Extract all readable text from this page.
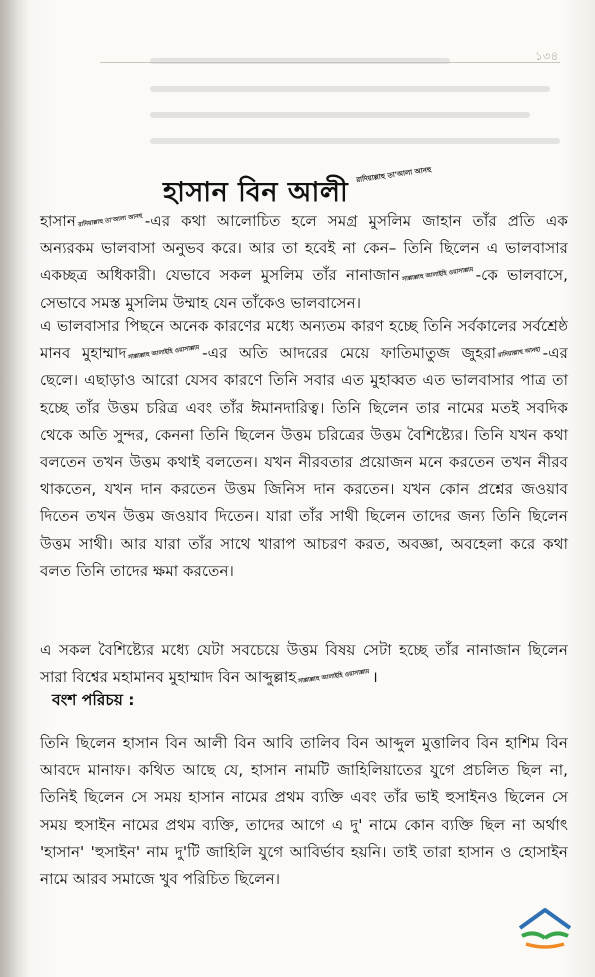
১৩৪
হাসান বিন আলী রাদিয়াল্লাহু তা'আলা আনহু

হাসান রাদিয়াল্লাহু তা'আলা আনহু -এর কথা আলোচিত হলে সমগ্র মুসলিম জাহান তাঁর প্রতি এক অন্যরকম ভালবাসা অনুভব করে। আর তা হবেই না কেন– তিনি ছিলেন এ ভালবাসার একচ্ছত্র অধিকারী। যেভাবে সকল মুসলিম তাঁর নানাজান সাল্লাল্লাহু আলাইহি ওয়াসাল্লাম -কে ভালবাসে, সেভাবে সমস্ত মুসলিম উম্মাহ যেন তাঁকেও ভালবাসেন।

এ ভালবাসার পিছনে অনেক কারণের মধ্যে অন্যতম কারণ হচ্ছে তিনি সর্বকালের সর্বশ্রেষ্ঠ মানব মুহাম্মাদ সাল্লাল্লাহু আলাইহি ওয়াসাল্লাম -এর অতি আদরের মেয়ে ফাতিমাতুজ জুহরা রাদিয়াল্লাহু আনহা -এর ছেলে। এছাড়াও আরো যেসব কারণে তিনি সবার এত মুহাব্বত এত ভালবাসার পাত্র তা হচ্ছে তাঁর উত্তম চরিত্র এবং তাঁর ঈমানদারিত্ব। তিনি ছিলেন তার নামের মতই সবদিক থেকে অতি সুন্দর, কেননা তিনি ছিলেন উত্তম চরিত্রের উত্তম বৈশিষ্ট্যের। তিনি যখন কথা বলতেন তখন উত্তম কথাই বলতেন। যখন নীরবতার প্রয়োজন মনে করতেন তখন নীরব থাকতেন, যখন দান করতেন উত্তম জিনিস দান করতেন। যখন কোন প্রশ্নের জওয়াব দিতেন তখন উত্তম জওয়াব দিতেন। যারা তাঁর সাথী ছিলেন তাদের জন্য তিনি ছিলেন উত্তম সাথী। আর যারা তাঁর সাথে খারাপ আচরণ করত, অবজ্ঞা, অবহেলা করে কথা বলত তিনি তাদের ক্ষমা করতেন।

এ সকল বৈশিষ্ট্যের মধ্যে যেটা সবচেয়ে উত্তম বিষয় সেটা হচ্ছে তাঁর নানাজান ছিলেন সারা বিশ্বের মহামানব মুহাম্মাদ বিন আব্দুল্লাহ সাল্লাল্লাহু আলাইহি ওয়াসাল্লাম ।

বংশ পরিচয় :

তিনি ছিলেন হাসান বিন আলী বিন আবি তালিব বিন আব্দুল মুত্তালিব বিন হাশিম বিন আবদে মানাফ। কথিত আছে যে, হাসান নামটি জাহিলিয়াতের যুগে প্রচলিত ছিল না, তিনিই ছিলেন সে সময় হাসান নামের প্রথম ব্যক্তি এবং তাঁর ভাই হুসাইনও ছিলেন সে সময় হুসাইন নামের প্রথম ব্যক্তি, তাদের আগে এ দু' নামে কোন ব্যক্তি ছিল না অর্থাৎ 'হাসান' 'হুসাইন' নাম দু'টি জাহিলি যুগে আবির্ভাব হয়নি। তাই তারা হাসান ও হোসাইন নামে আরব সমাজে খুব পরিচিত ছিলেন।
